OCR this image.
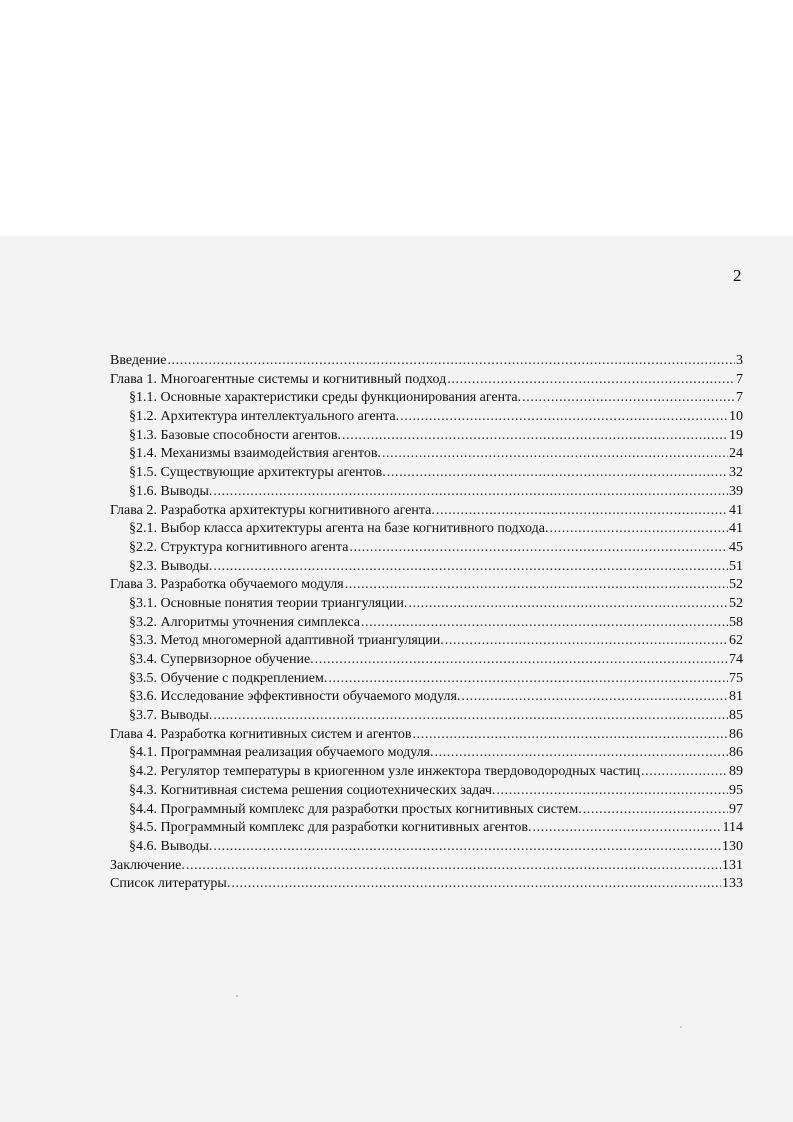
2
Введение .....	3
Глава 1. Многоагентные системы и когнитивный подход .....	7
§1.1. Основные характеристики среды функционирования агента. .....	7
§1.2. Архитектура интеллектуального агента. .....	10
§1.3. Базовые способности агентов. .....	19
§1.4. Механизмы взаимодействия агентов. .....	24
§1.5. Существующие архитектуры агентов. .....	32
§1.6. Выводы. .....	39
Глава 2. Разработка архитектуры когнитивного агента. .....	41
§2.1. Выбор класса архитектуры агента на базе когнитивного подхода. .....	41
§2.2. Структура когнитивного агента .....	45
§2.3. Выводы. .....	51
Глава 3. Разработка обучаемого модуля .....	52
§3.1. Основные понятия теории триангуляции. .....	52
§3.2. Алгоритмы уточнения симплекса .....	58
§3.3. Метод многомерной адаптивной триангуляции. .....	62
§3.4. Супервизорное обучение. .....	74
§3.5. Обучение с подкреплением. .....	75
§3.6. Исследование эффективности обучаемого модуля. .....	81
§3.7. Выводы. .....	85
Глава 4. Разработка когнитивных систем и агентов .....	86
§4.1. Программная реализация обучаемого модуля. .....	86
§4.2. Регулятор температуры в криогенном узле инжектора твердоводородных частиц .....	89
§4.3. Когнитивная система решения социотехнических задач. .....	95
§4.4. Программный комплекс для разработки простых когнитивных систем. .....	97
§4.5. Программный комплекс для разработки когнитивных агентов. .....	114
§4.6. Выводы. .....	130
Заключение. .....	131
Список литературы. .....	133
